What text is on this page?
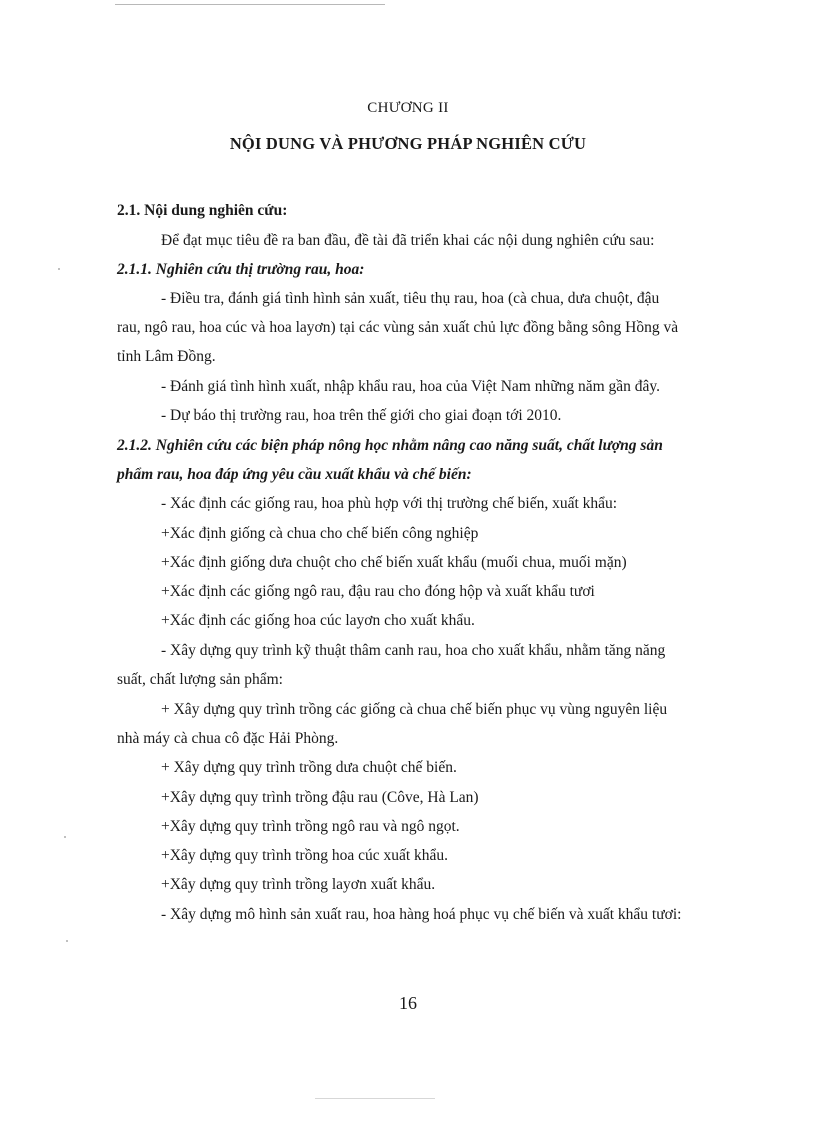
CHƯƠNG II
NỘI DUNG VÀ PHƯƠNG PHÁP NGHIÊN CỨU
2.1. Nội dung nghiên cứu:
Để đạt mục tiêu đề ra ban đầu, đề tài đã triển khai các nội dung nghiên cứu sau:
2.1.1. Nghiên cứu thị trường rau, hoa:
- Điều tra, đánh giá tình hình sản xuất, tiêu thụ rau, hoa (cà chua, dưa chuột, đậu
rau, ngô rau, hoa cúc và hoa layơn) tại các vùng sản xuất chủ lực đồng bằng sông Hồng và
tỉnh Lâm Đồng.
- Đánh giá tình hình xuất, nhập khẩu rau, hoa của Việt Nam những năm gần đây.
- Dự báo thị trường rau, hoa trên thế giới cho giai đoạn tới 2010.
2.1.2. Nghiên cứu các biện pháp nông học nhằm nâng cao năng suất, chất lượng sản
phẩm rau, hoa đáp ứng yêu cầu xuất khẩu và chế biến:
- Xác định các giống rau, hoa phù hợp với thị trường chế biến, xuất khẩu:
+Xác định giống cà chua cho chế biến công nghiệp
+Xác định giống dưa chuột cho chế biến xuất khẩu (muối chua, muối mặn)
+Xác định các giống ngô rau, đậu rau cho đóng hộp và xuất khẩu tươi
+Xác định các giống hoa cúc layơn cho xuất khẩu.
- Xây dựng quy trình kỹ thuật thâm canh rau, hoa cho xuất khẩu, nhằm tăng năng
suất, chất lượng sản phẩm:
+ Xây dựng quy trình trồng các giống cà chua chế biến phục vụ vùng nguyên liệu
nhà máy cà chua cô đặc Hải Phòng.
+ Xây dựng quy trình trồng dưa chuột chế biến.
+Xây dựng quy trình trồng đậu rau (Côve, Hà Lan)
+Xây dựng quy trình trồng ngô rau và ngô ngọt.
+Xây dựng quy trình trồng hoa cúc xuất khẩu.
+Xây dựng quy trình trồng layơn xuất khẩu.
- Xây dựng mô hình sản xuất rau, hoa hàng hoá phục vụ chế biến và xuất khẩu tươi:
16
